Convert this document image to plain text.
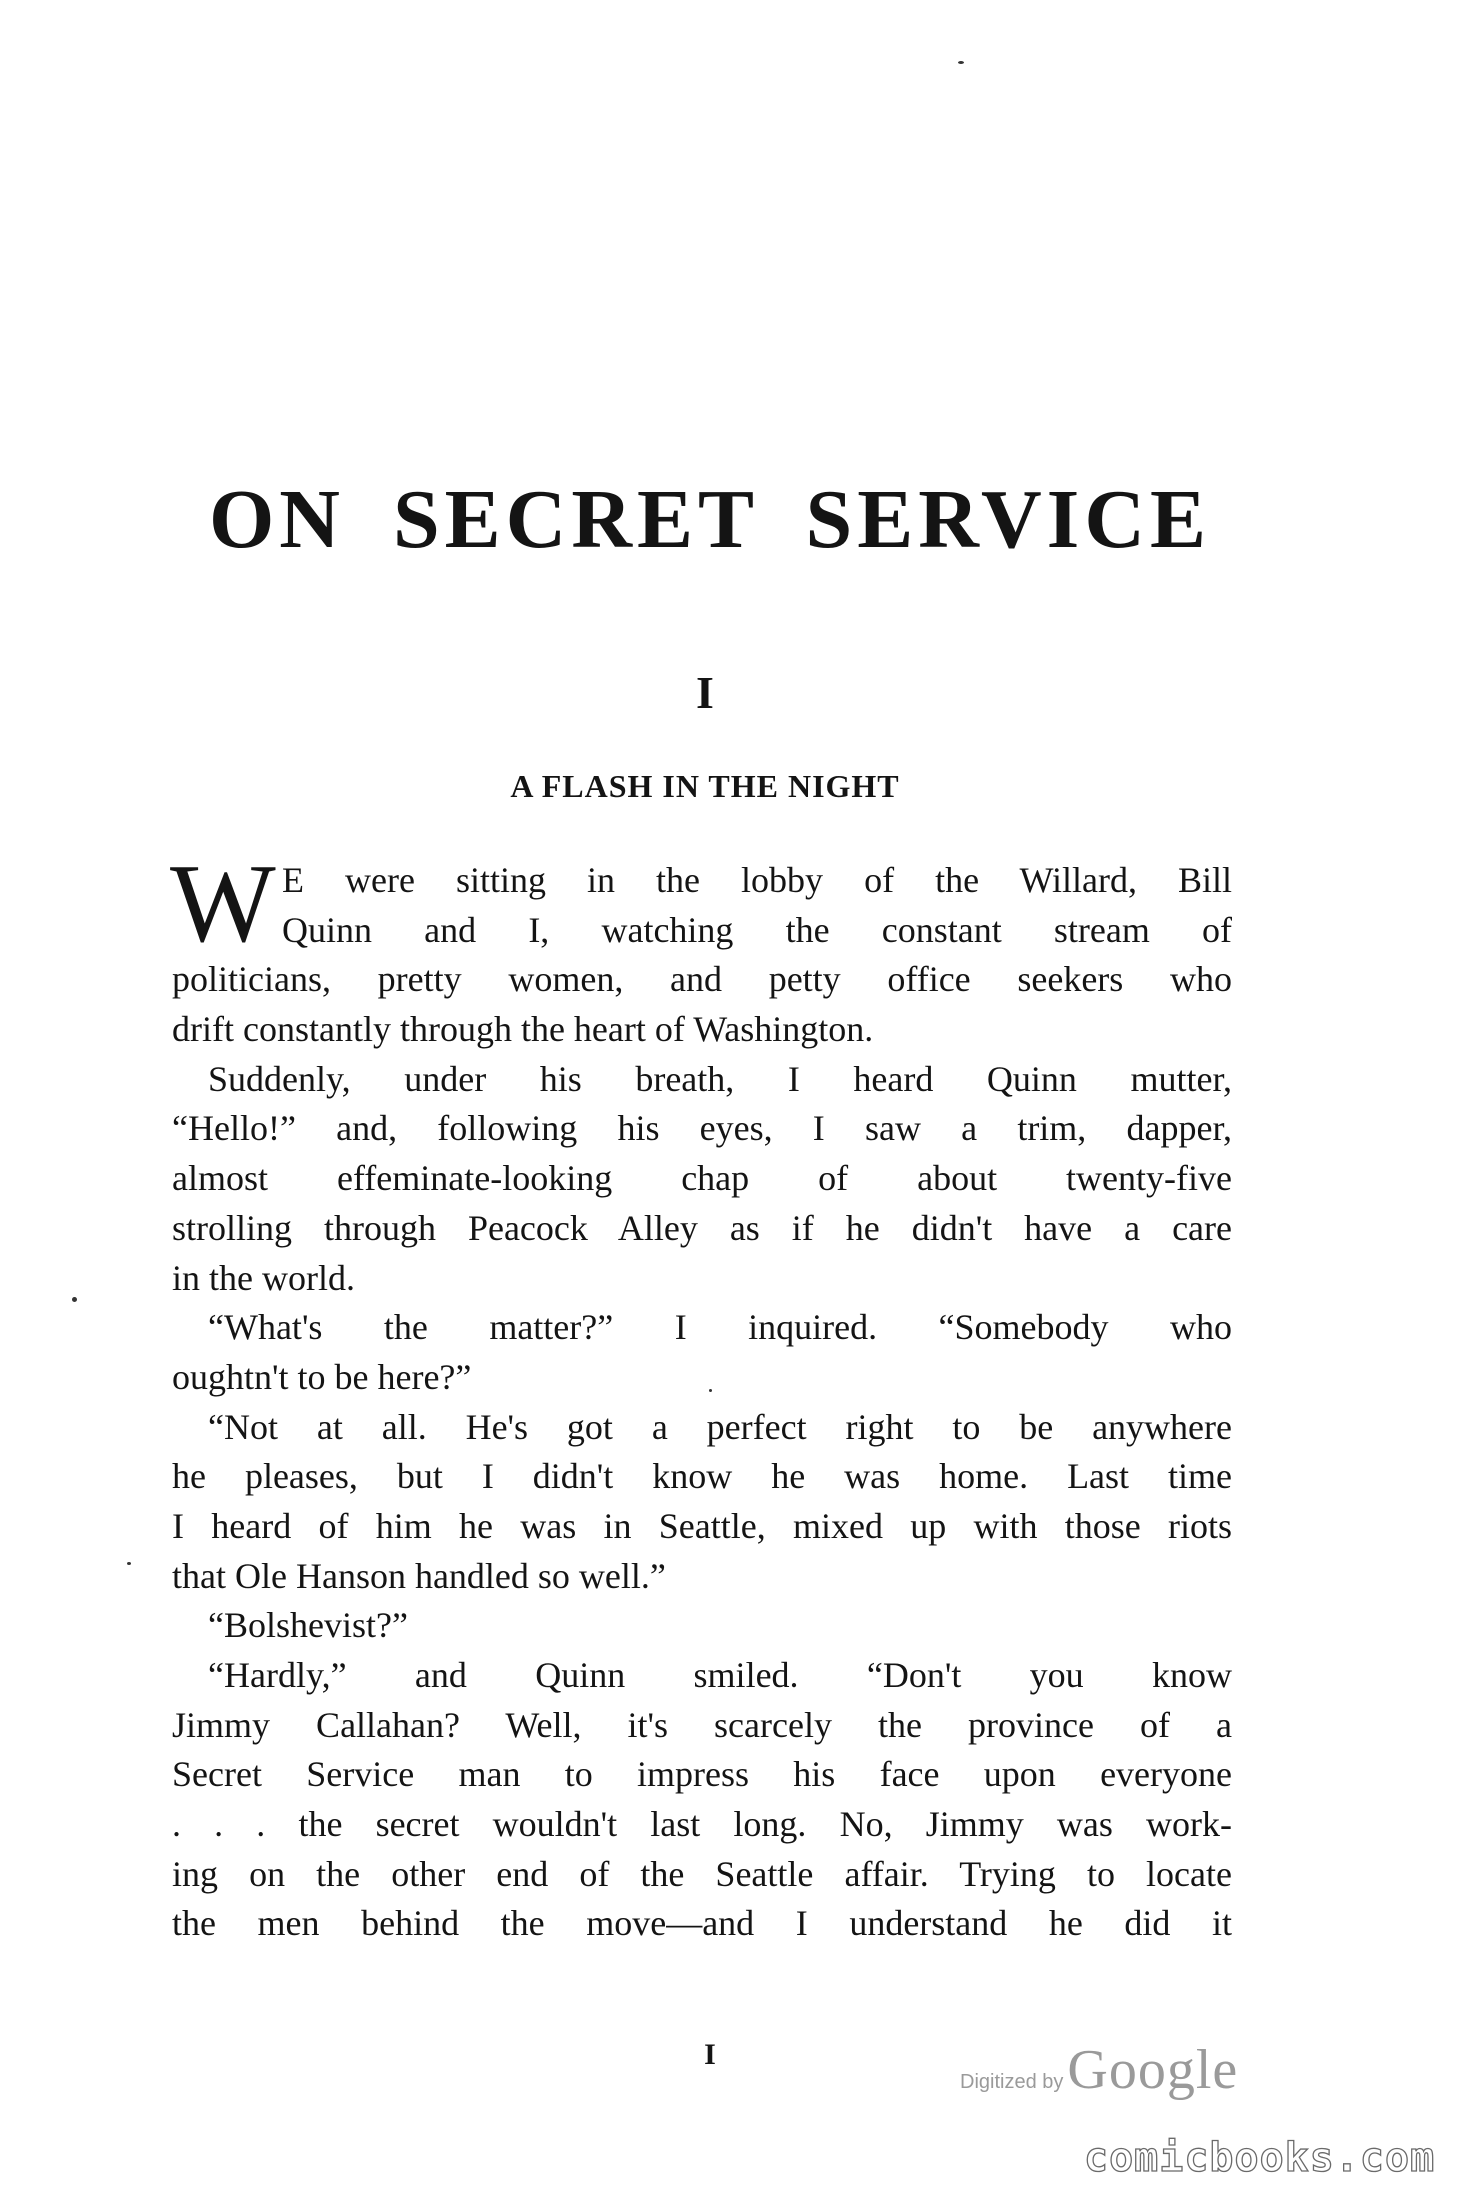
ON SECRET SERVICE
I
A FLASH IN THE NIGHT
W E were sitting in the lobby of the Willard, Bill
Quinn and I, watching the constant stream of
politicians, pretty women, and petty office seekers who
drift constantly through the heart of Washington.
Suddenly, under his breath, I heard Quinn mutter,
“Hello!” and, following his eyes, I saw a trim, dapper,
almost effeminate-looking chap of about twenty-five
strolling through Peacock Alley as if he didn't have a care
in the world.
“What's the matter?” I inquired. “Somebody who
oughtn't to be here?”
“Not at all. He's got a perfect right to be anywhere
he pleases, but I didn't know he was home. Last time
I heard of him he was in Seattle, mixed up with those riots
that Ole Hanson handled so well.”
“Bolshevist?”
“Hardly,” and Quinn smiled. “Don't you know
Jimmy Callahan? Well, it's scarcely the province of a
Secret Service man to impress his face upon everyone
. . . the secret wouldn't last long. No, Jimmy was work-
ing on the other end of the Seattle affair. Trying to locate
the men behind the move—and I understand he did it
I
Digitized by Google
comicbooks.com
